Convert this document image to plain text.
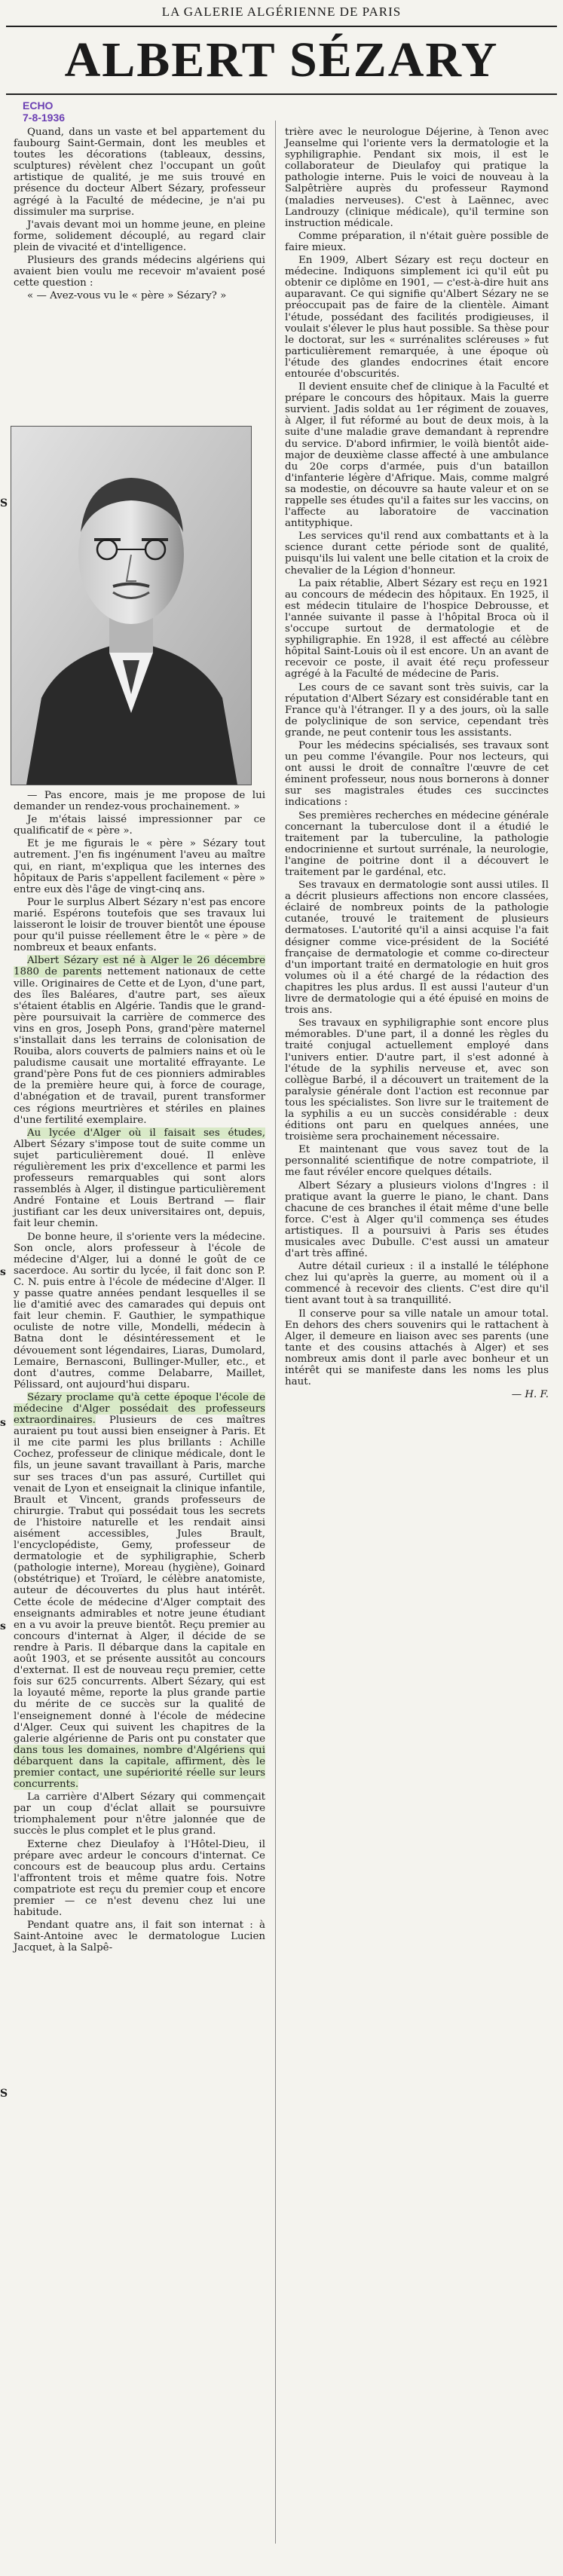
S
s
s
s
S
LA GALERIE ALGÉRIENNE DE PARIS
ALBERT SÉZARY
ECHO
7-8-1936

Quand, dans un vaste et bel appartement du faubourg Saint-Germain, dont les meubles et toutes les décorations (tableaux, dessins, sculptures) révèlent chez l'occupant un goût artistique de qualité, je me suis trouvé en présence du docteur Albert Sézary, professeur agrégé à la Faculté de médecine, je n'ai pu dissimuler ma surprise.

J'avais devant moi un homme jeune, en pleine forme, solidement découplé, au regard clair plein de vivacité et d'intelligence.

Plusieurs des grands médecins algériens qui avaient bien voulu me recevoir m'avaient posé cette question :

« — Avez-vous vu le « père » Sézary? »

— Pas encore, mais je me propose de lui demander un rendez-vous prochainement. »

Je m'étais laissé impressionner par ce qualificatif de « père ».

Et je me figurais le « père » Sézary tout autrement. J'en fis ingénument l'aveu au maître qui, en riant, m'expliqua que les internes des hôpitaux de Paris s'appellent facilement « père » entre eux dès l'âge de vingt-cinq ans.

Pour le surplus Albert Sézary n'est pas encore marié. Espérons toutefois que ses travaux lui laisseront le loisir de trouver bientôt une épouse pour qu'il puisse réellement être le « père » de nombreux et beaux enfants.

Albert Sézary est né à Alger le 26 décembre 1880 de parents nettement nationaux de cette ville. Originaires de Cette et de Lyon, d'une part, des îles Baléares, d'autre part, ses aïeux s'étaient établis en Algérie. Tandis que le grand-père poursuivait la carrière de commerce des vins en gros, Joseph Pons, grand'père maternel s'installait dans les terrains de colonisation de Rouiba, alors couverts de palmiers nains et où le paludisme causait une mortalité effrayante. Le grand'père Pons fut de ces pionniers admirables de la première heure qui, à force de courage, d'abnégation et de travail, purent transformer ces régions meurtrières et stériles en plaines d'une fertilité exemplaire.

Au lycée d'Alger où il faisait ses études, Albert Sézary s'impose tout de suite comme un sujet particulièrement doué. Il enlève régulièrement les prix d'excellence et parmi les professeurs remarquables qui sont alors rassemblés à Alger, il distingue particulièrement André Fontaine et Louis Bertrand — flair justifiant car les deux universitaires ont, depuis, fait leur chemin.

De bonne heure, il s'oriente vers la médecine. Son oncle, alors professeur à l'école de médecine d'Alger, lui a donné le goût de ce sacerdoce. Au sortir du lycée, il fait donc son P. C. N. puis entre à l'école de médecine d'Alger. Il y passe quatre années pendant lesquelles il se lie d'amitié avec des camarades qui depuis ont fait leur chemin. F. Gauthier, le sympathique oculiste de notre ville, Mondelli, médecin à Batna dont le désintéressement et le dévouement sont légendaires, Liaras, Dumolard, Lemaire, Bernasconi, Bullinger-Muller, etc., et dont d'autres, comme Delabarre, Maillet, Pélissard, ont aujourd'hui disparu.

Sézary proclame qu'à cette époque l'école de médecine d'Alger possédait des professeurs extraordinaires. Plusieurs de ces maîtres auraient pu tout aussi bien enseigner à Paris. Et il me cite parmi les plus brillants : Achille Cochez, professeur de clinique médicale, dont le fils, un jeune savant travaillant à Paris, marche sur ses traces d'un pas assuré, Curtillet qui venait de Lyon et enseignait la clinique infantile, Brault et Vincent, grands professeurs de chirurgie. Trabut qui possédait tous les secrets de l'histoire naturelle et les rendait ainsi aisément accessibles, Jules Brault, l'encyclopédiste, Gemy, professeur de dermatologie et de syphiligraphie, Scherb (pathologie interne), Moreau (hygiène), Goinard (obstétrique) et Troïard, le célèbre anatomiste, auteur de découvertes du plus haut intérêt. Cette école de médecine d'Alger comptait des enseignants admirables et notre jeune étudiant en a vu avoir la preuve bientôt. Reçu premier au concours d'internat à Alger, il décide de se rendre à Paris. Il débarque dans la capitale en août 1903, et se présente aussitôt au concours d'externat. Il est de nouveau reçu premier, cette fois sur 625 concurrents. Albert Sézary, qui est la loyauté même, reporte la plus grande partie du mérite de ce succès sur la qualité de l'enseignement donné à l'école de médecine d'Alger. Ceux qui suivent les chapitres de la galerie algérienne de Paris ont pu constater que dans tous les domaines, nombre d'Algériens qui débarquent dans la capitale, affirment, dès le premier contact, une supériorité réelle sur leurs concurrents.

La carrière d'Albert Sézary qui commençait par un coup d'éclat allait se poursuivre triomphalement pour n'être jalonnée que de succès le plus complet et le plus grand.

Externe chez Dieulafoy à l'Hôtel-Dieu, il prépare avec ardeur le concours d'internat. Ce concours est de beaucoup plus ardu. Certains l'affrontent trois et même quatre fois. Notre compatriote est reçu du premier coup et encore premier — ce n'est devenu chez lui une habitude.

Pendant quatre ans, il fait son internat : à Saint-Antoine avec le dermatologue Lucien Jacquet, à la Salpê-

trière avec le neurologue Déjerine, à Tenon avec Jeanselme qui l'oriente vers la dermatologie et la syphiligraphie. Pendant six mois, il est le collaborateur de Dieulafoy qui pratique la pathologie interne. Puis le voici de nouveau à la Salpêtrière auprès du professeur Raymond (maladies nerveuses). C'est à Laënnec, avec Landrouzy (clinique médicale), qu'il termine son instruction médicale.

Comme préparation, il n'était guère possible de faire mieux.

En 1909, Albert Sézary est reçu docteur en médecine. Indiquons simplement ici qu'il eût pu obtenir ce diplôme en 1901, — c'est-à-dire huit ans auparavant. Ce qui signifie qu'Albert Sézary ne se préoccupait pas de faire de la clientèle. Aimant l'étude, possédant des facilités prodigieuses, il voulait s'élever le plus haut possible. Sa thèse pour le doctorat, sur les « surrénalites scléreuses » fut particulièrement remarquée, à une époque où l'étude des glandes endocrines était encore entourée d'obscurités.

Il devient ensuite chef de clinique à la Faculté et prépare le concours des hôpitaux. Mais la guerre survient. Jadis soldat au 1er régiment de zouaves, à Alger, il fut réformé au bout de deux mois, à la suite d'une maladie grave demandant à reprendre du service. D'abord infirmier, le voilà bientôt aide-major de deuxième classe affecté à une ambulance du 20e corps d'armée, puis d'un bataillon d'infanterie légère d'Afrique. Mais, comme malgré sa modestie, on découvre sa haute valeur et on se rappelle ses études qu'il a faites sur les vaccins, on l'affecte au laboratoire de vaccination antityphique.

Les services qu'il rend aux combattants et à la science durant cette période sont de qualité, puisqu'ils lui valent une belle citation et la croix de chevalier de la Légion d'honneur.

La paix rétablie, Albert Sézary est reçu en 1921 au concours de médecin des hôpitaux. En 1925, il est médecin titulaire de l'hospice Debrousse, et l'année suivante il passe à l'hôpital Broca où il s'occupe surtout de dermatologie et de syphiligraphie. En 1928, il est affecté au célèbre hôpital Saint-Louis où il est encore. Un an avant de recevoir ce poste, il avait été reçu professeur agrégé à la Faculté de médecine de Paris.

Les cours de ce savant sont très suivis, car la réputation d'Albert Sézary est considérable tant en France qu'à l'étranger. Il y a des jours, où la salle de polyclinique de son service, cependant très grande, ne peut contenir tous les assistants.

Pour les médecins spécialisés, ses travaux sont un peu comme l'évangile. Pour nos lecteurs, qui ont aussi le droit de connaître l'œuvre de cet éminent professeur, nous nous bornerons à donner sur ses magistrales études ces succinctes indications :

Ses premières recherches en médecine générale concernant la tuberculose dont il a étudié le traitement par la tuberculine, la pathologie endocrinienne et surtout surrénale, la neurologie, l'angine de poitrine dont il a découvert le traitement par le gardénal, etc.

Ses travaux en dermatologie sont aussi utiles. Il a décrit plusieurs affections non encore classées, éclairé de nombreux points de la pathologie cutanée, trouvé le traitement de plusieurs dermatoses. L'autorité qu'il a ainsi acquise l'a fait désigner comme vice-président de la Société française de dermatologie et comme co-directeur d'un important traité en dermatologie en huit gros volumes où il a été chargé de la rédaction des chapitres les plus ardus. Il est aussi l'auteur d'un livre de dermatologie qui a été épuisé en moins de trois ans.

Ses travaux en syphiligraphie sont encore plus mémorables. D'une part, il a donné les règles du traité conjugal actuellement employé dans l'univers entier. D'autre part, il s'est adonné à l'étude de la syphilis nerveuse et, avec son collègue Barbé, il a découvert un traitement de la paralysie générale dont l'action est reconnue par tous les spécialistes. Son livre sur le traitement de la syphilis a eu un succès considérable : deux éditions ont paru en quelques années, une troisième sera prochainement nécessaire.

Et maintenant que vous savez tout de la personnalité scientifique de notre compatriote, il me faut révéler encore quelques détails.

Albert Sézary a plusieurs violons d'Ingres : il pratique avant la guerre le piano, le chant. Dans chacune de ces branches il était même d'une belle force. C'est à Alger qu'il commença ses études artistiques. Il a poursuivi à Paris ses études musicales avec Dubulle. C'est aussi un amateur d'art très affiné.

Autre détail curieux : il a installé le téléphone chez lui qu'après la guerre, au moment où il a commencé à recevoir des clients. C'est dire qu'il tient avant tout à sa tranquillité.

Il conserve pour sa ville natale un amour total. En dehors des chers souvenirs qui le rattachent à Alger, il demeure en liaison avec ses parents (une tante et des cousins attachés à Alger) et ses nombreux amis dont il parle avec bonheur et un intérêt qui se manifeste dans les noms les plus haut.

— H. F.
